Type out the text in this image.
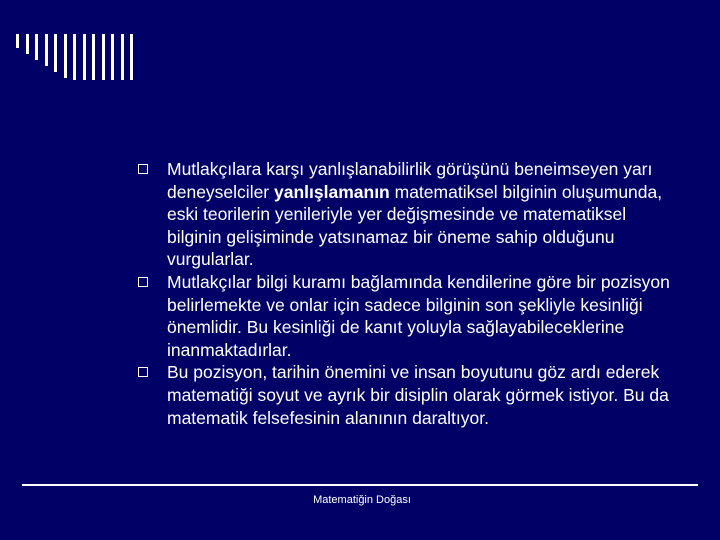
Mutlakçılara karşı yanlışlanabilirlik görüşünü beneimseyen yarı deneyselciler yanlışlamanın matematiksel bilginin oluşumunda, eski teorilerin yenileriyle yer değişmesinde ve matematiksel bilginin gelişiminde yatsınamaz bir öneme sahip olduğunu vurgularlar.
Mutlakçılar bilgi kuramı bağlamında kendilerine göre bir pozisyon belirlemekte ve onlar için sadece bilginin son şekliyle kesinliği önemlidir. Bu kesinliği de kanıt yoluyla sağlayabileceklerine inanmaktadırlar.
Bu pozisyon, tarihin önemini ve insan boyutunu göz ardı ederek matematiği soyut ve ayrık bir disiplin olarak görmek istiyor. Bu da matematik felsefesinin alanının daraltıyor.
Matematiğin Doğası
